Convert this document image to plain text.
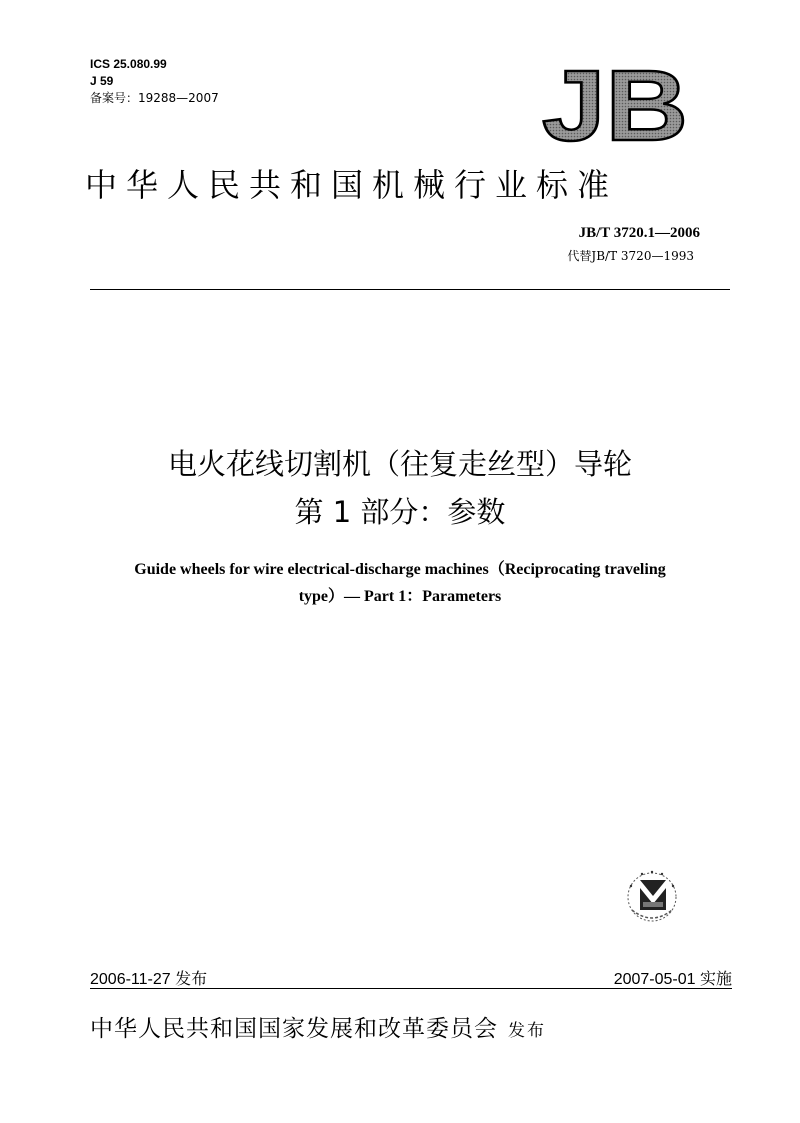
ICS 25.080.99
J 59
备案号：19288—2007	JB
中华人民共和国机械行业标准
JB/T 3720.1—2006
代替JB/T 3720—1993
电火花线切割机（往复走丝型）导轮
第 1 部分：参数
Guide wheels for wire electrical-discharge machines（Reciprocating traveling
type）— Part 1：Parameters
2006-11-27 发布	2007-05-01 实施
中华人民共和国国家发展和改革委员会 发布
